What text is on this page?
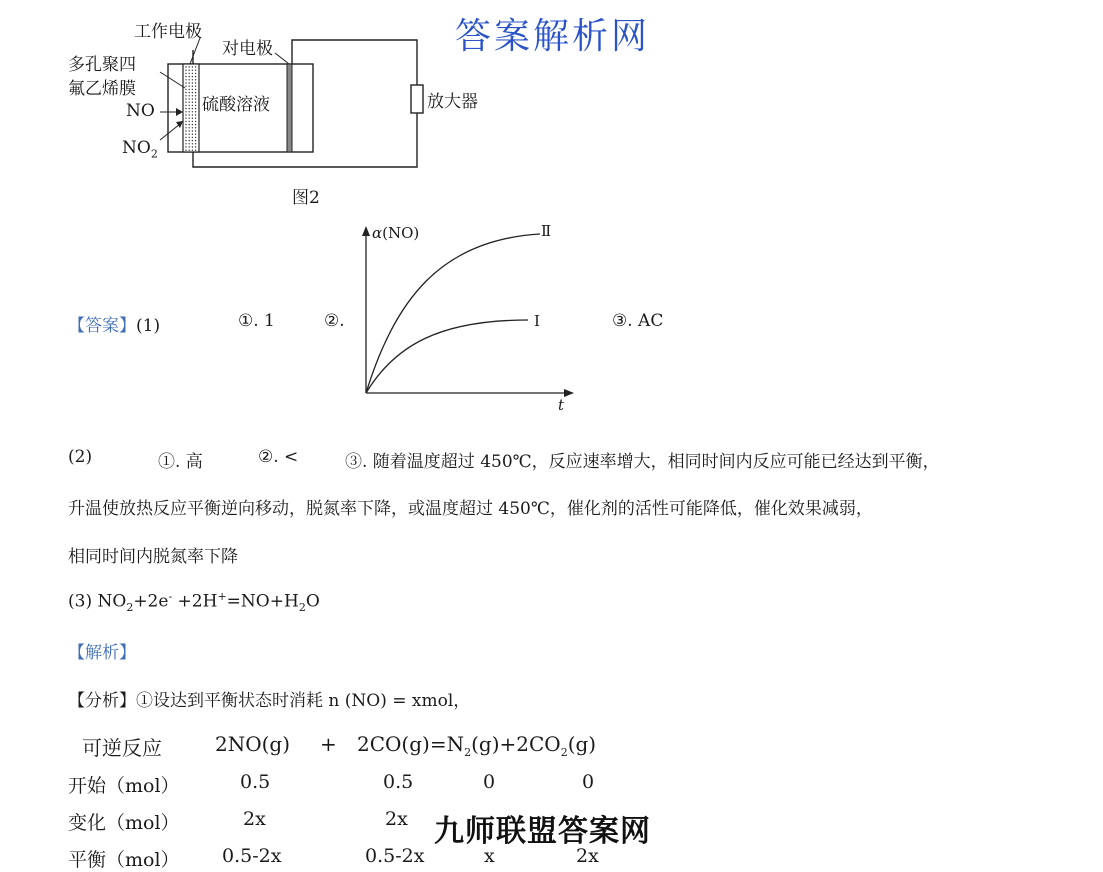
答案解析网
工作电极
对电极
多孔聚四
氟乙烯膜
NO
$NO_2$
硫酸溶液	放大器
图2
α(NO)
t
Ⅱ
Ⅰ
【答案】(1)	①. 1	②.	③. AC
(2)	①. 高	②. <	③. 随着温度超过 450℃，反应速率增大，相同时间内反应可能已经达到平衡，
升温使放热反应平衡逆向移动，脱氮率下降，或温度超过 450℃，催化剂的活性可能降低，催化效果减弱，
相同时间内脱氮率下降
(3) $NO_2+2e^- +2H^+=NO+H_2O$
【解析】
【分析】①设达到平衡状态时消耗 n (NO) = xmol，
可逆反应	$2NO(g) + 2CO(g)=N_2(g)+2CO_2(g)$
开始（mol）	0.5	0.5	0	0
变化（mol）	2x	2x
平衡（mol） 0.5-2x	0.5-2x	x	2x
九师联盟答案网
